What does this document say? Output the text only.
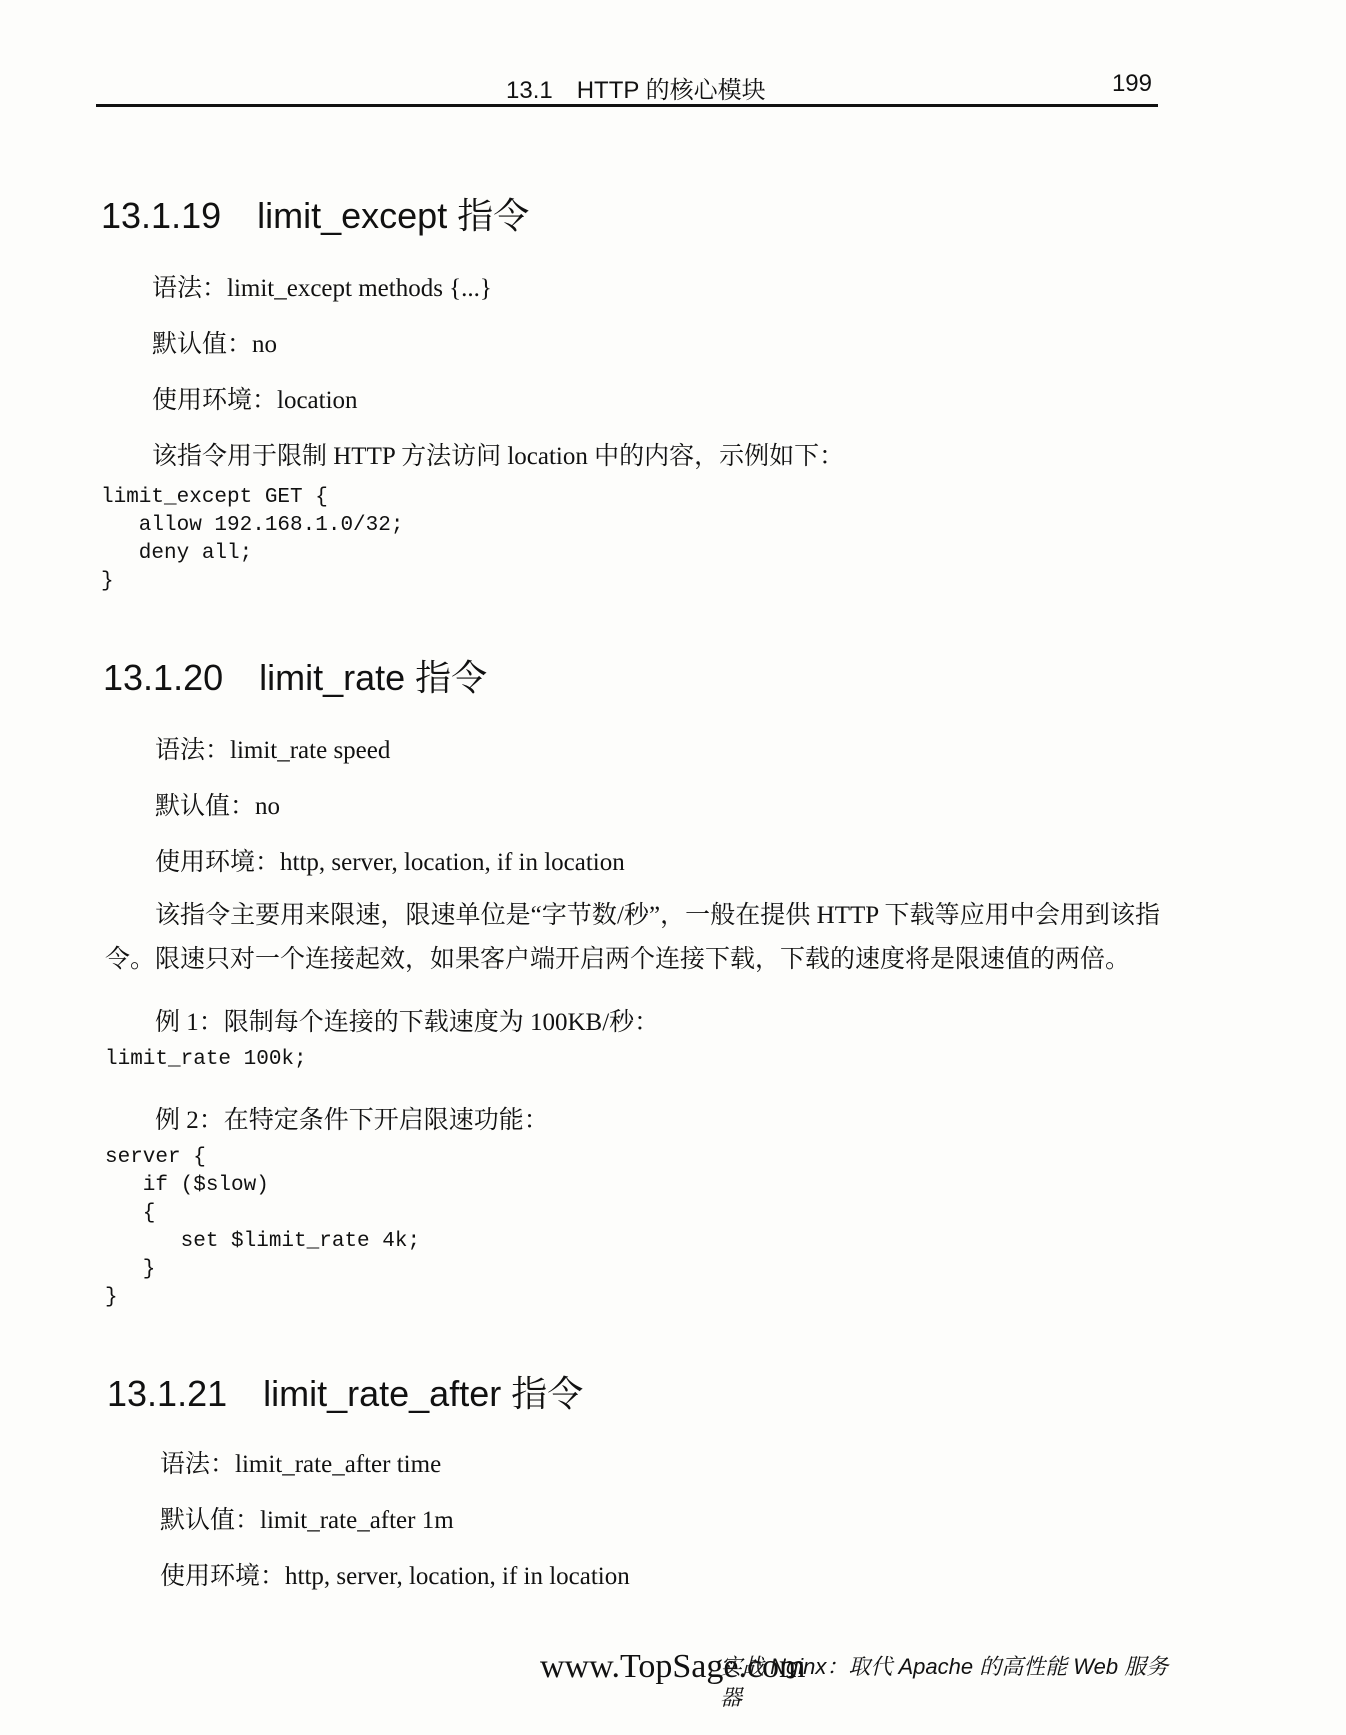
13.1　HTTP 的核心模块	199
13.1.19 limit_except 指令
语法：limit_except methods {...}
默认值：no
使用环境：location
该指令用于限制 HTTP 方法访问 location 中的内容，示例如下：
limit_except GET {
allow 192.168.1.0/32;
deny all;
}
13.1.20 limit_rate 指令
语法：limit_rate speed
默认值：no
使用环境：http, server, location, if in location
该指令主要用来限速，限速单位是“字节数/秒”，一般在提供 HTTP 下载等应用中会用到该指令。限速只对一个连接起效，如果客户端开启两个连接下载，下载的速度将是限速值的两倍。
例 1：限制每个连接的下载速度为 100KB/秒：
limit_rate 100k;
例 2：在特定条件下开启限速功能：
server {
if ($slow)
{
set $limit_rate 4k;
}
}
13.1.21 limit_rate_after 指令
语法：limit_rate_after time
默认值：limit_rate_after 1m
使用环境：http, server, location, if in location
www.TopSage.com
实战 Nginx：取代 Apache 的高性能 Web 服务器
